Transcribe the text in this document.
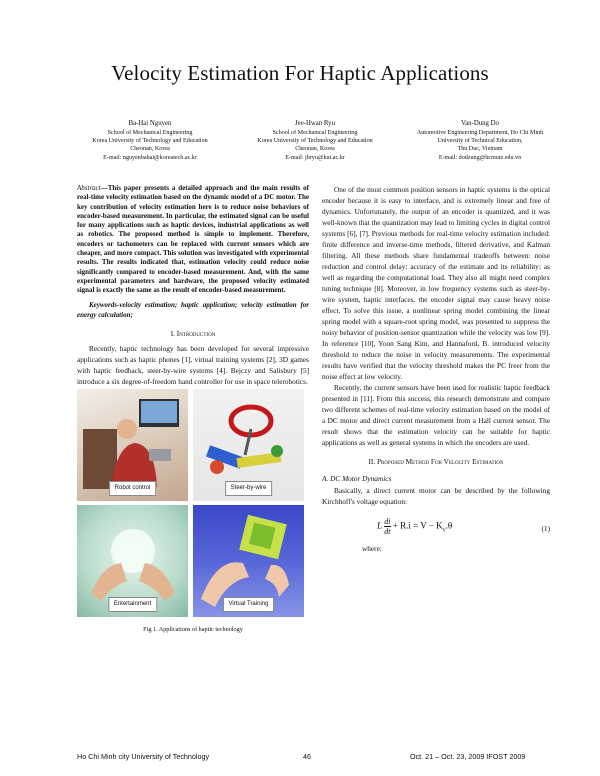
Velocity Estimation For Haptic Applications
Ba-Hai Nguyen
School of Mechanical Engineering
Korea University of Technology and Education
Cheonan, Korea
E-mail: nguyenbahai@koreatech.ac.kr
Jee-Hwan Ryu
School of Mechanical Engineering
Korea University of Technology and Education
Cheonan, Korea
E-mail: jhryu@kut.ac.kr
Van-Dung Do
Automotive Engineering Department, Ho Chi Minh
University of Technical Education,
Thu Duc, Vietnam
E-mail: dodzung@hcmute.edu.vn
Abstract—This paper presents a detailed approach and the main results of real-time velocity estimation based on the dynamic model of a DC motor. The key contribution of velocity estimation here is to reduce noise behaviors of encoder-based measurement. In particular, the estimated signal can be useful for many applications such as haptic devices, industrial applications as well as robotics. The proposed method is simple to implement. Therefore, encoders or tachometers can be replaced with current sensors which are cheaper, and more compact. This solution was investigated with experimental results. The results indicated that, estimation velocity could reduce noise significantly compared to encoder-based measurement. And, with the same experimental parameters and hardware, the proposed velocity estimated signal is exactly the same as the result of encoder-based measurement.
Keywords-velocity estimation; haptic application; velocity estimation for energy calculation;
I. Introduction

Recently, haptic technology has been developed for several impressive applications such as haptic phones [1], virtual training systems [2], 3D games with haptic feedback, steer-by-wire systems [4]. Bejczy and Salisbury [5] introduce a six degree-of-freedom hand controller for use in space telerobotics.

Robot control	Steer-by-wire
Entertainment	Virtual Training
Fig 1. Applications of haptic technology

One of the most common position sensors in haptic systems is the optical encoder because it is easy to interface, and is extremely linear and free of dynamics. Unfortunately, the output of an encoder is quantized, and it was well-known that the quantization may lead to limiting cycles in digital control systems [6], [7]. Previous methods for real-time velocity estimation included: finite difference and inverse-time methods, filtered derivative, and Kalman filtering. All these methods share fundamental tradeoffs between: noise reduction and control delay; accuracy of the estimate and its reliability; as well as regarding the computational load. They also all might need complex tuning technique [8]. Moreover, in low frequency systems such as steer-by-wire system, haptic interfaces, the encoder signal may cause heavy noise effect. To solve this issue, a nonlinear spring model combining the linear spring model with a square-root spring model, was presented to suppress the noisy behavior of position-sensor quantization while the velocity was low [9]. In reference [10], Yoon Sang Kim, and Hannaford, B. introduced velocity threshold to reduce the noise in velocity measurements. The experimental results have verified that the velocity threshold makes the PC freer from the noise effect at low velocity.

Recently, the current sensors have been used for realistic haptic feedback presented in [11]. From this success, this research demonstrate and compare two different schemes of real-time velocity estimation based on the model of a DC motor and direct current measurement from a Hall current sensor. The result shows that the estimation velocity can be suitable for haptic applications as well as general systems in which the encoders are used.

II. Proposed Method For Velocity Estimation
A. DC Motor Dynamics

Basically, a direct current motor can be described by the following Kirchhoff's voltage equation:

L $\frac{di}{dt} + R.i = V - K_v.\theta$	(1)
where:
Ho Chi Minh city University of Technology	46	Oct. 21 – Oct. 23, 2009 IFOST 2009
